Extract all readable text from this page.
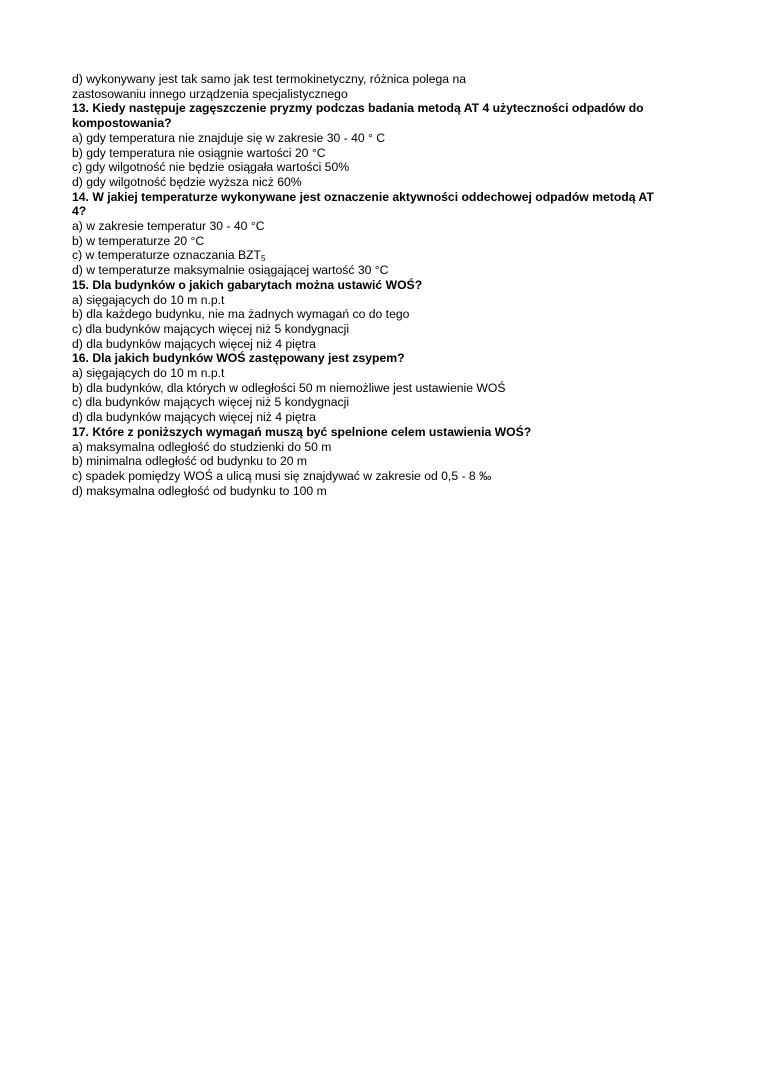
d) wykonywany jest tak samo jak test termokinetyczny, różnica polega na
zastosowaniu innego urządzenia specjalistycznego
13. Kiedy następuje zagęszczenie pryzmy podczas badania metodą AT 4 użyteczności odpadów do
kompostowania?
a) gdy temperatura nie znajduje się w zakresie 30 - 40 ° C
b) gdy temperatura nie osiągnie wartości 20 °C
c) gdy wilgotność nie będzie osiągała wartości 50%
d) gdy wilgotność będzie wyższa nicż 60%
14. W jakiej temperaturze wykonywane jest oznaczenie aktywności oddechowej odpadów metodą AT
4?
a) w zakresie temperatur 30 - 40 °C
b) w temperaturze 20 °C
c) w temperaturze oznaczania $BZT_5$
d) w temperaturze maksymalnie osiągającej wartość 30 °C
15. Dla budynków o jakich gabarytach można ustawić WOŚ?
a) sięgających do 10 m n.p.t
b) dla każdego budynku, nie ma żadnych wymagań co do tego
c) dla budynków mających więcej niż 5 kondygnacji
d) dla budynków mających więcej niż 4 piętra
16. Dla jakich budynków WOŚ zastępowany jest zsypem?
a) sięgających do 10 m n.p.t
b) dla budynków, dla których w odległości 50 m niemożliwe jest ustawienie WOŚ
c) dla budynków mających więcej niż 5 kondygnacji
d) dla budynków mających więcej niż 4 piętra
17. Które z poniższych wymagań muszą być spelnione celem ustawienia WOŚ?
a) maksymalna odległość do studzienki do 50 m
b) minimalna odległość od budynku to 20 m
c) spadek pomiędzy WOŚ a ulicą musi się znajdywać w zakresie od 0,5 - 8 ‰
d) maksymalna odległość od budynku to 100 m
